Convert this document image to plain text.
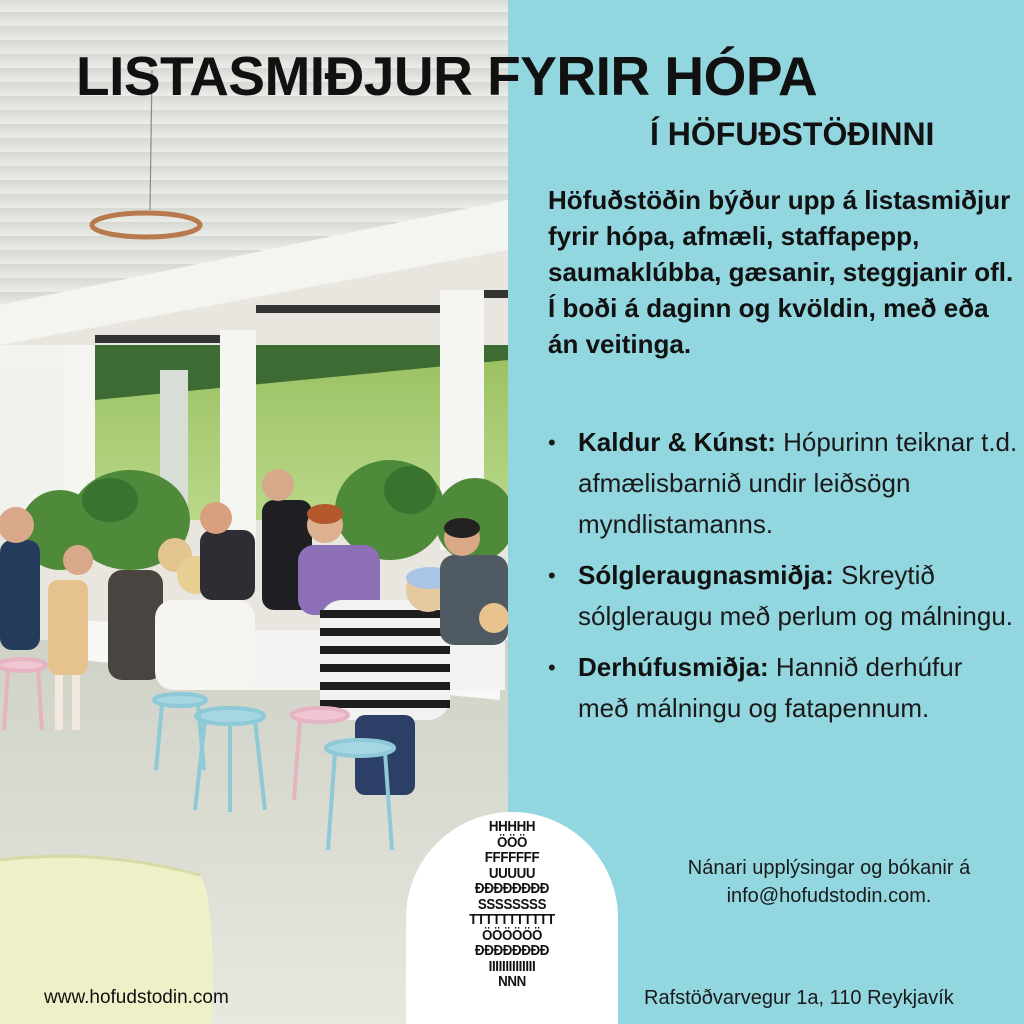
LISTASMIÐJUR FYRIR HÓPA
Í HÖFUÐSTÖÐINNI

Höfuðstöðin býður upp á listasmiðjur fyrir hópa, afmæli, staffapepp, saumaklúbba, gæsanir, steggjanir ofl. Í boði á daginn og kvöldin, með eða án veitinga.

• Kaldur & Kúnst: Hópurinn teiknar t.d. afmælisbarnið undir leiðsögn myndlistamanns.
• Sólgleraugnasmiðja: Skreytið sólgleraugu með perlum og málningu.
• Derhúfusmiðja: Hannið derhúfur með málningu og fatapennum.
Nánari upplýsingar og bókanir á
info@hofudstodin.com.
Rafstöðvarvegur 1a, 110 Reykjavík
www.hofudstodin.com
HHHHH
ÖÖÖ
FFFFFFF
UUUUU
ÐÐÐÐÐÐÐÐ
SSSSSSSS
TTTTTTTTTTT
ÖÖÖÖÖÖ
ÐÐÐÐÐÐÐÐ
IIIIIIIIIIIIII
NNN
